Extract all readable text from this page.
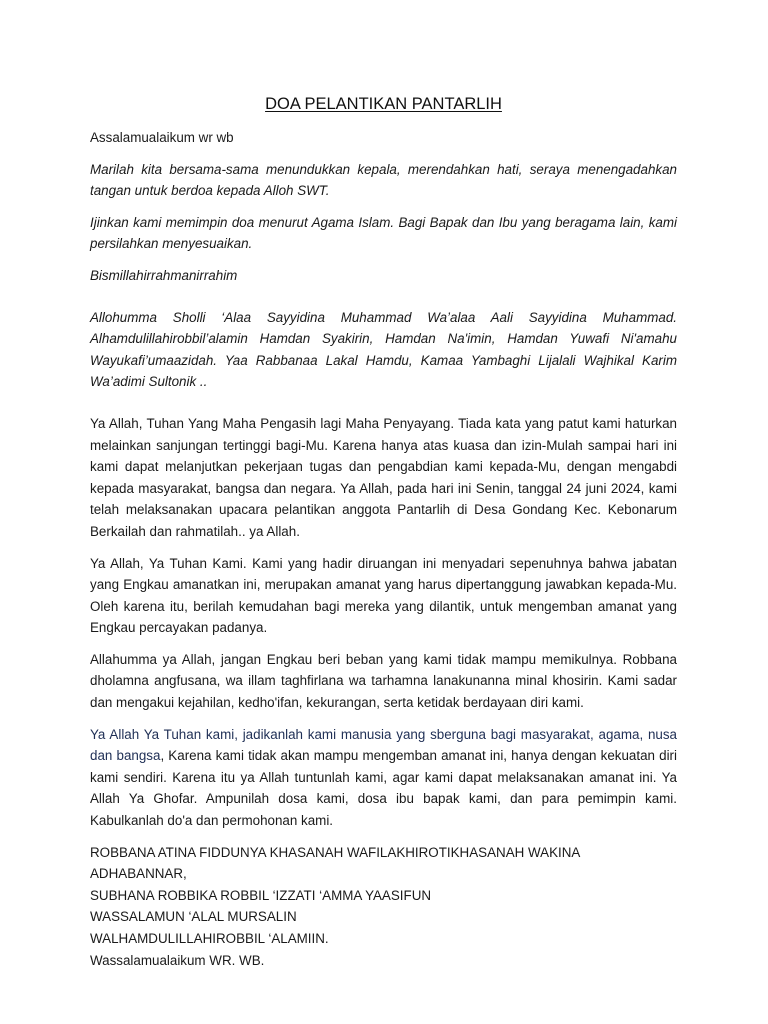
DOA PELANTIKAN PANTARLIH

Assalamualaikum wr wb

Marilah kita bersama-sama menundukkan kepala, merendahkan hati, seraya menengadahkan tangan untuk berdoa kepada Alloh SWT.

Ijinkan kami memimpin doa menurut Agama Islam. Bagi Bapak dan Ibu yang beragama lain, kami persilahkan menyesuaikan.

Bismillahirrahmanirrahim

Allohumma Sholli ‘Alaa Sayyidina Muhammad Wa’alaa Aali Sayyidina Muhammad. Alhamdulillahirobbil’alamin Hamdan Syakirin, Hamdan Na'imin, Hamdan Yuwafi Ni'amahu Wayukafi’umaazidah. Yaa Rabbanaa Lakal Hamdu, Kamaa Yambaghi Lijalali Wajhikal Karim Wa’adimi Sultonik ..

Ya Allah, Tuhan Yang Maha Pengasih lagi Maha Penyayang. Tiada kata yang patut kami haturkan melainkan sanjungan tertinggi bagi-Mu. Karena hanya atas kuasa dan izin-Mulah sampai hari ini kami dapat melanjutkan pekerjaan tugas dan pengabdian kami kepada-Mu, dengan mengabdi kepada masyarakat, bangsa dan negara. Ya Allah, pada hari ini Senin, tanggal 24 juni 2024, kami telah melaksanakan upacara pelantikan anggota Pantarlih di Desa Gondang Kec. Kebonarum Berkailah dan rahmatilah.. ya Allah.

Ya Allah, Ya Tuhan Kami. Kami yang hadir diruangan ini menyadari sepenuhnya bahwa jabatan yang Engkau amanatkan ini, merupakan amanat yang harus dipertanggung jawabkan kepada-Mu. Oleh karena itu, berilah kemudahan bagi mereka yang dilantik, untuk mengemban amanat yang Engkau percayakan padanya.

Allahumma ya Allah, jangan Engkau beri beban yang kami tidak mampu memikulnya. Robbana dholamna angfusana, wa illam taghfirlana wa tarhamna lanakunanna minal khosirin. Kami sadar dan mengakui kejahilan, kedho'ifan, kekurangan, serta ketidak berdayaan diri kami.

Ya Allah Ya Tuhan kami, jadikanlah kami manusia yang sberguna bagi masyarakat, agama, nusa dan bangsa, Karena kami tidak akan mampu mengemban amanat ini, hanya dengan kekuatan diri kami sendiri. Karena itu ya Allah tuntunlah kami, agar kami dapat melaksanakan amanat ini. Ya Allah Ya Ghofar. Ampunilah dosa kami, dosa ibu bapak kami, dan para pemimpin kami. Kabulkanlah do'a dan permohonan kami.

ROBBANA ATINA FIDDUNYA KHASANAH WAFILAKHIROTIKHASANAH WAKINA ADHABANNAR,
SUBHANA ROBBIKA ROBBIL ‘IZZATI ‘AMMA YAASIFUN
WASSALAMUN ‘ALAL MURSALIN
WALHAMDULILLAHIROBBIL ‘ALAMIIN.
Wassalamualaikum WR. WB.
